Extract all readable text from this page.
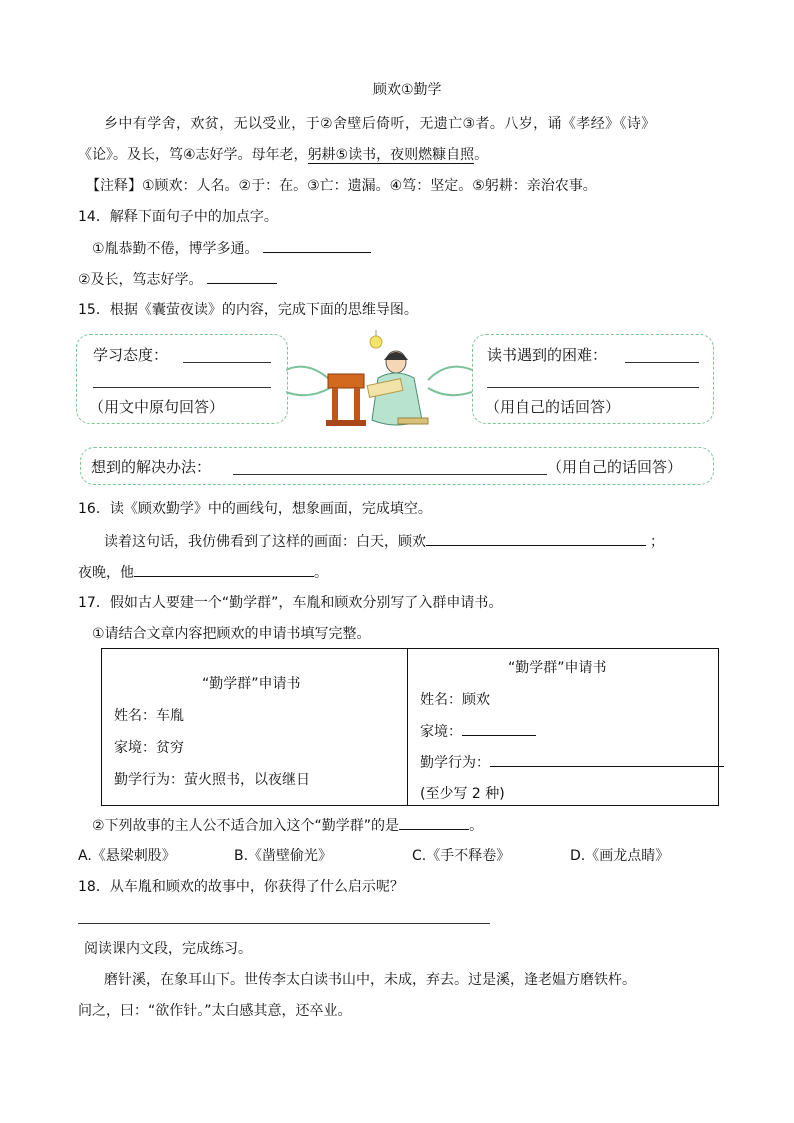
顾欢①勤学
乡中有学舍，欢贫，无以受业，于②舍壁后倚听，无遗亡③者。八岁，诵《孝经》《诗》
《论》。及长，笃④志好学。母年老，躬耕⑤读书，夜则燃糠自照。
【注释】①顾欢：人名。②于：在。③亡：遗漏。④笃：坚定。⑤躬耕：亲治农事。
14．解释下面句子中的加点字。
①胤恭勤不倦，博学多通。
②及长，笃志好学。
15．根据《囊萤夜读》的内容，完成下面的思维导图。
学习态度：
（用文中原句回答）
读书遇到的困难：
（用自己的话回答）
想到的解决办法：	（用自己的话回答）
16．读《顾欢勤学》中的画线句，想象画面，完成填空。
读着这句话，我仿佛看到了这样的画面：白天，顾欢	；
夜晚，他	。
17．假如古人要建一个“勤学群”，车胤和顾欢分别写了入群申请书。
①请结合文章内容把顾欢的申请书填写完整。
“勤学群”申请书
姓名：车胤
家境：贫穷
勤学行为：萤火照书，以夜继日

“勤学群”申请书
姓名：顾欢
家境：
勤学行为：
(至少写 2 种)
②下列故事的主人公不适合加入这个“勤学群”的是	。
A.《悬梁刺股》	B.《凿壁偷光》	C.《手不释卷》	D.《画龙点睛》
18．从车胤和顾欢的故事中，你获得了什么启示呢？
阅读课内文段，完成练习。
磨针溪，在象耳山下。世传李太白读书山中，未成，弃去。过是溪，逢老媪方磨铁杵。
问之，曰：“欲作针。”太白感其意，还卒业。
